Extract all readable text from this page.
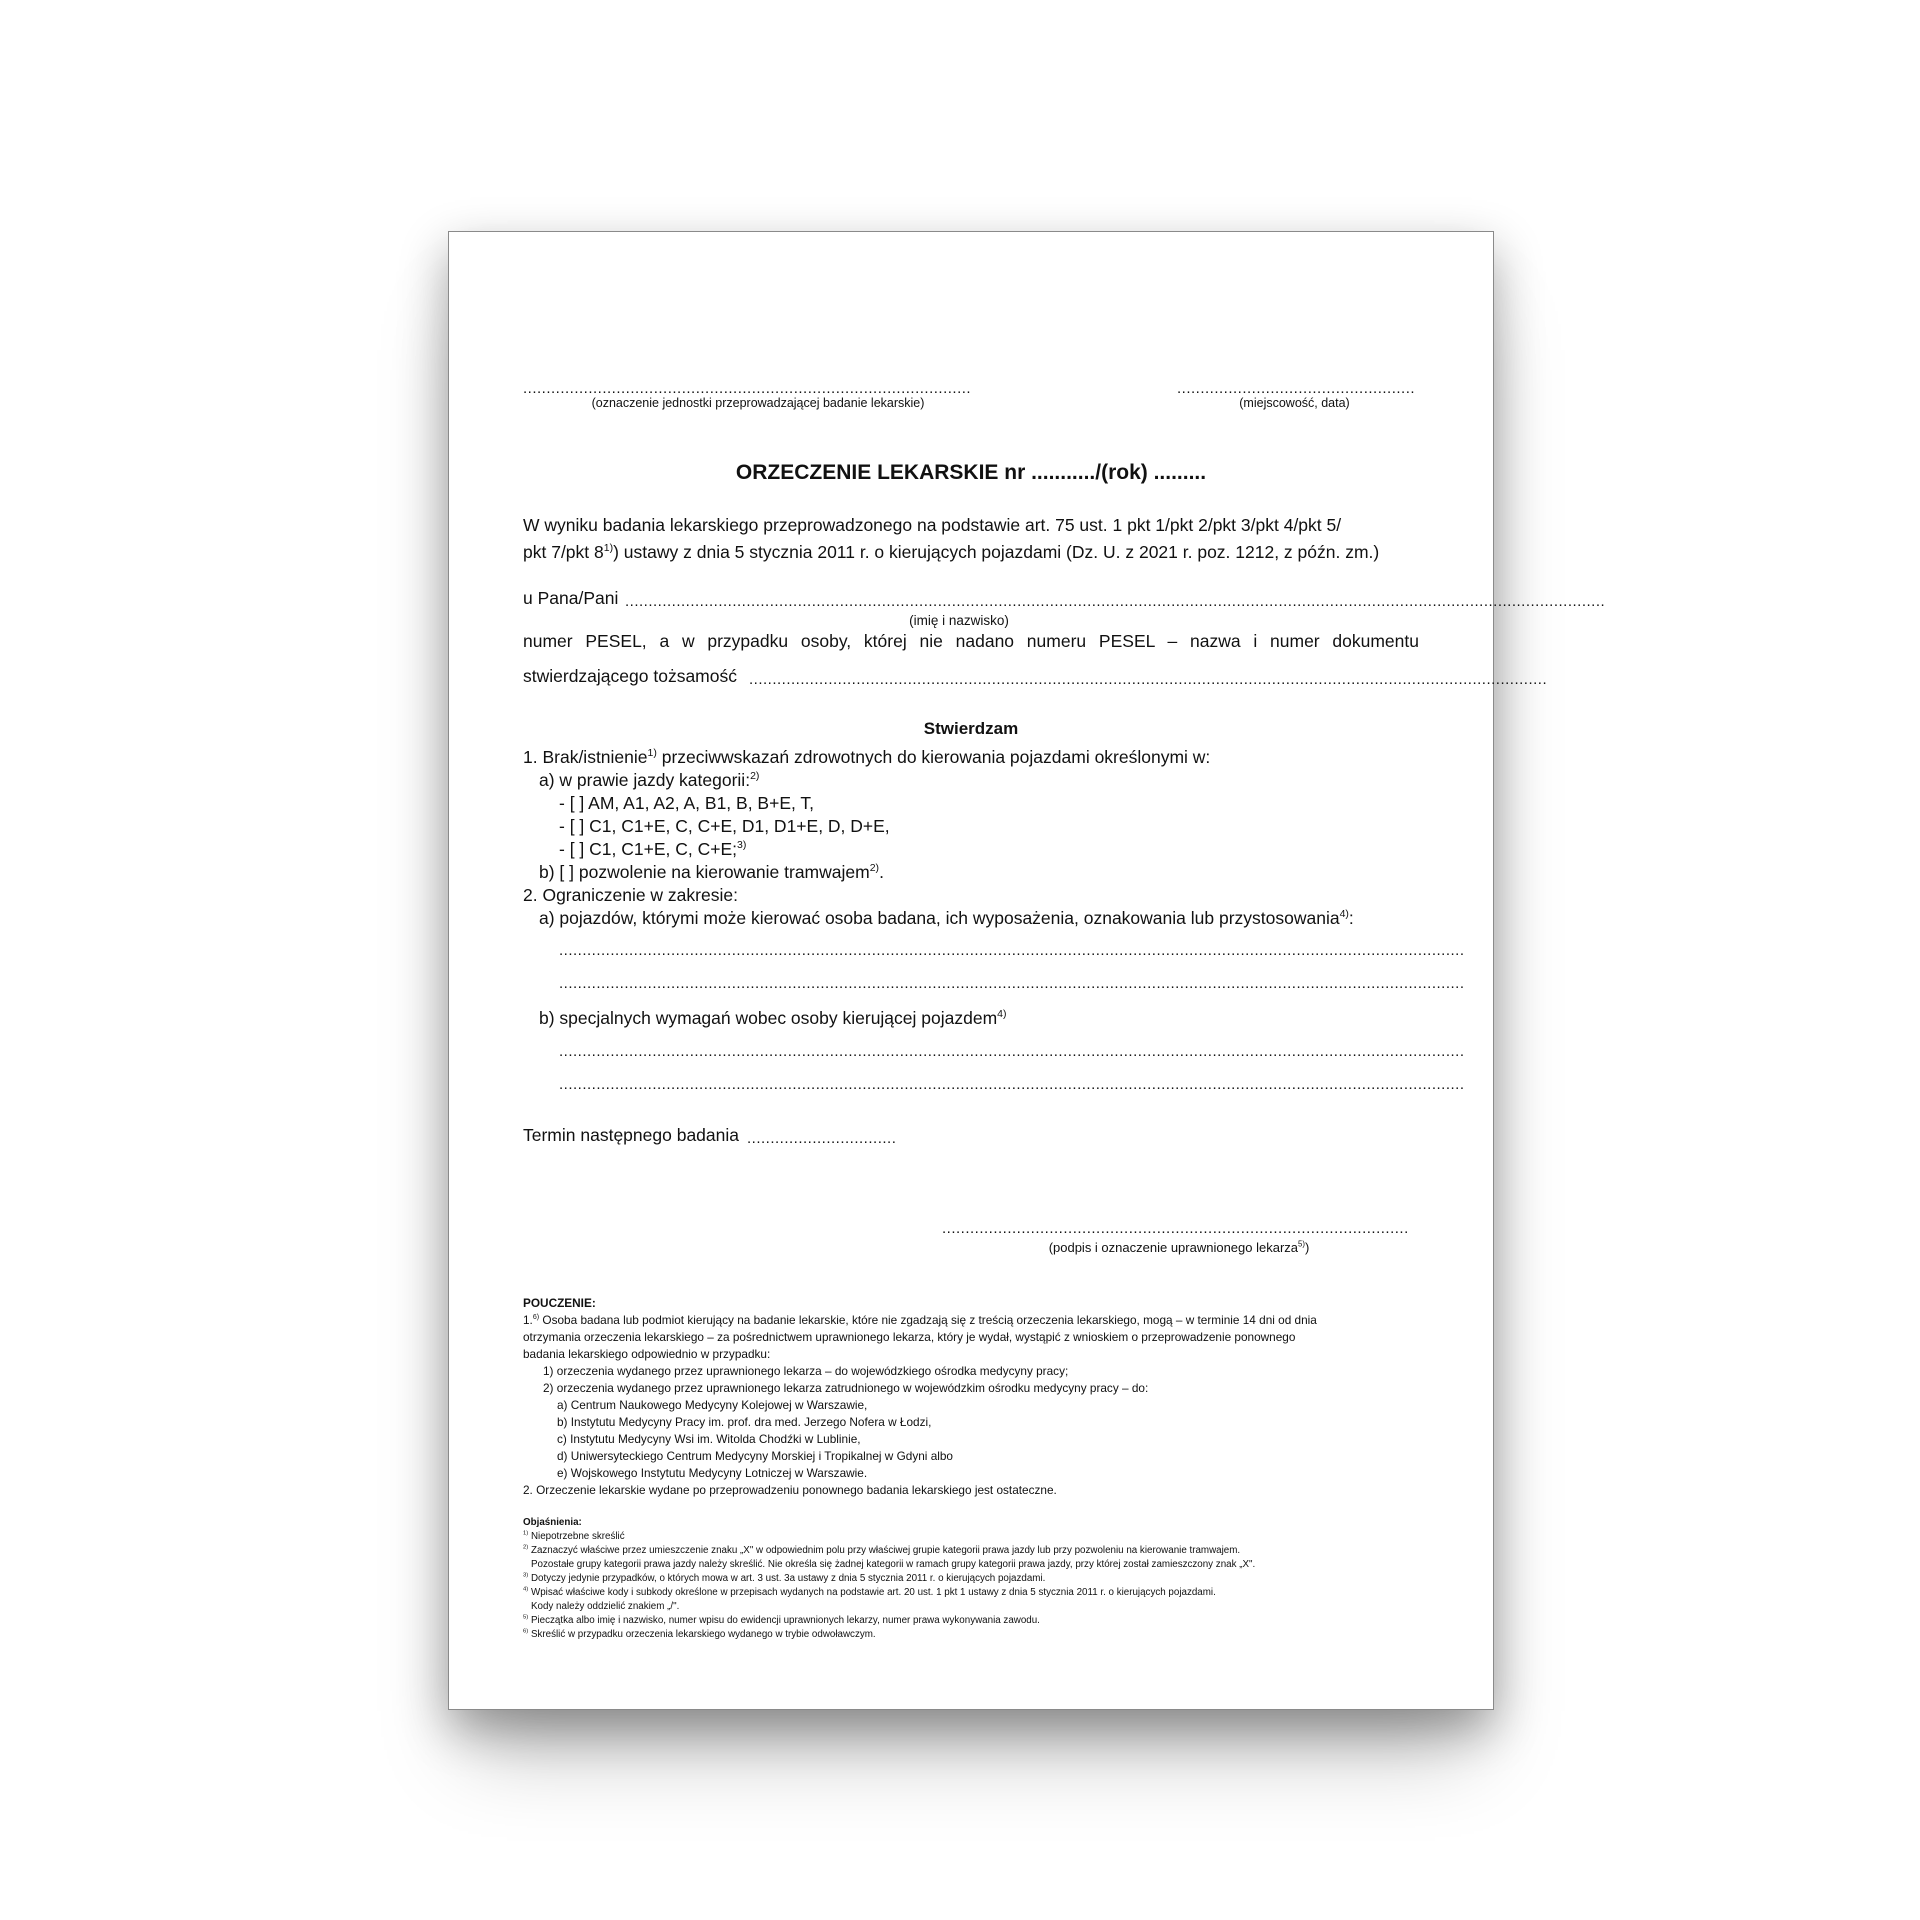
................................................................................................
(oznaczenie jednostki przeprowadzającej badanie lekarskie)
...................................................
(miejscowość, data)
ORZECZENIE LEKARSKIE nr .........../(rok) .........
W wyniku badania lekarskiego przeprowadzonego na podstawie art. 75 ust. 1 pkt 1/pkt 2/pkt 3/pkt 4/pkt 5/
pkt 7/pkt 8$^{1)}$) ustawy z dnia 5 stycznia 2011 r. o kierujących pojazdami (Dz. U. z 2021 r. poz. 1212, z późn. zm.)
u Pana/Pani ..................................................................................................................................................................................................................
(imię i nazwisko)
numer PESEL, a w przypadku osoby, której nie nadano numeru PESEL – nazwa i numer dokumentu
stwierdzającego tożsamość ...........................................................................................................................................................................
Stwierdzam
1. Brak/istnienie$^{1)}$ przeciwwskazań zdrowotnych do kierowania pojazdami określonymi w:
a) w prawie jazdy kategorii:$^{2)}$
- [ ] AM, A1, A2, A, B1, B, B+E, T,
- [ ] C1, C1+E, C, C+E, D1, D1+E, D, D+E,
- [ ] C1, C1+E, C, C+E;$^{3)}$
b) [ ] pozwolenie na kierowanie tramwajem$^{2)}$.
2. Ograniczenie w zakresie:
a) pojazdów, którymi może kierować osoba badana, ich wyposażenia, oznakowania lub przystosowania$^{4)}$:
..................................................................................................................................................................................................
..................................................................................................................................................................................................
b) specjalnych wymagań wobec osoby kierującej pojazdem$^{4)}$
..................................................................................................................................................................................................
..................................................................................................................................................................................................
Termin następnego badania ................................
....................................................................................................
(podpis i oznaczenie uprawnionego lekarza$^{5)}$)
POUCZENIE:
1.$^{6)}$ Osoba badana lub podmiot kierujący na badanie lekarskie, które nie zgadzają się z treścią orzeczenia lekarskiego, mogą – w terminie 14 dni od dnia
otrzymania orzeczenia lekarskiego – za pośrednictwem uprawnionego lekarza, który je wydał, wystąpić z wnioskiem o przeprowadzenie ponownego
badania lekarskiego odpowiednio w przypadku:
1) orzeczenia wydanego przez uprawnionego lekarza – do wojewódzkiego ośrodka medycyny pracy;
2) orzeczenia wydanego przez uprawnionego lekarza zatrudnionego w wojewódzkim ośrodku medycyny pracy – do:
a) Centrum Naukowego Medycyny Kolejowej w Warszawie,
b) Instytutu Medycyny Pracy im. prof. dra med. Jerzego Nofera w Łodzi,
c) Instytutu Medycyny Wsi im. Witolda Chodźki w Lublinie,
d) Uniwersyteckiego Centrum Medycyny Morskiej i Tropikalnej w Gdyni albo
e) Wojskowego Instytutu Medycyny Lotniczej w Warszawie.
2. Orzeczenie lekarskie wydane po przeprowadzeniu ponownego badania lekarskiego jest ostateczne.
Objaśnienia:
$^{1)}$ Niepotrzebne skreślić
$^{2)}$ Zaznaczyć właściwe przez umieszczenie znaku „X" w odpowiednim polu przy właściwej grupie kategorii prawa jazdy lub przy pozwoleniu na kierowanie tramwajem.
Pozostałe grupy kategorii prawa jazdy należy skreślić. Nie określa się żadnej kategorii w ramach grupy kategorii prawa jazdy, przy której został zamieszczony znak „X".
$^{3)}$ Dotyczy jedynie przypadków, o których mowa w art. 3 ust. 3a ustawy z dnia 5 stycznia 2011 r. o kierujących pojazdami.
$^{4)}$ Wpisać właściwe kody i subkody określone w przepisach wydanych na podstawie art. 20 ust. 1 pkt 1 ustawy z dnia 5 stycznia 2011 r. o kierujących pojazdami.
Kody należy oddzielić znakiem „/".
$^{5)}$ Pieczątka albo imię i nazwisko, numer wpisu do ewidencji uprawnionych lekarzy, numer prawa wykonywania zawodu.
$^{6)}$ Skreślić w przypadku orzeczenia lekarskiego wydanego w trybie odwoławczym.
